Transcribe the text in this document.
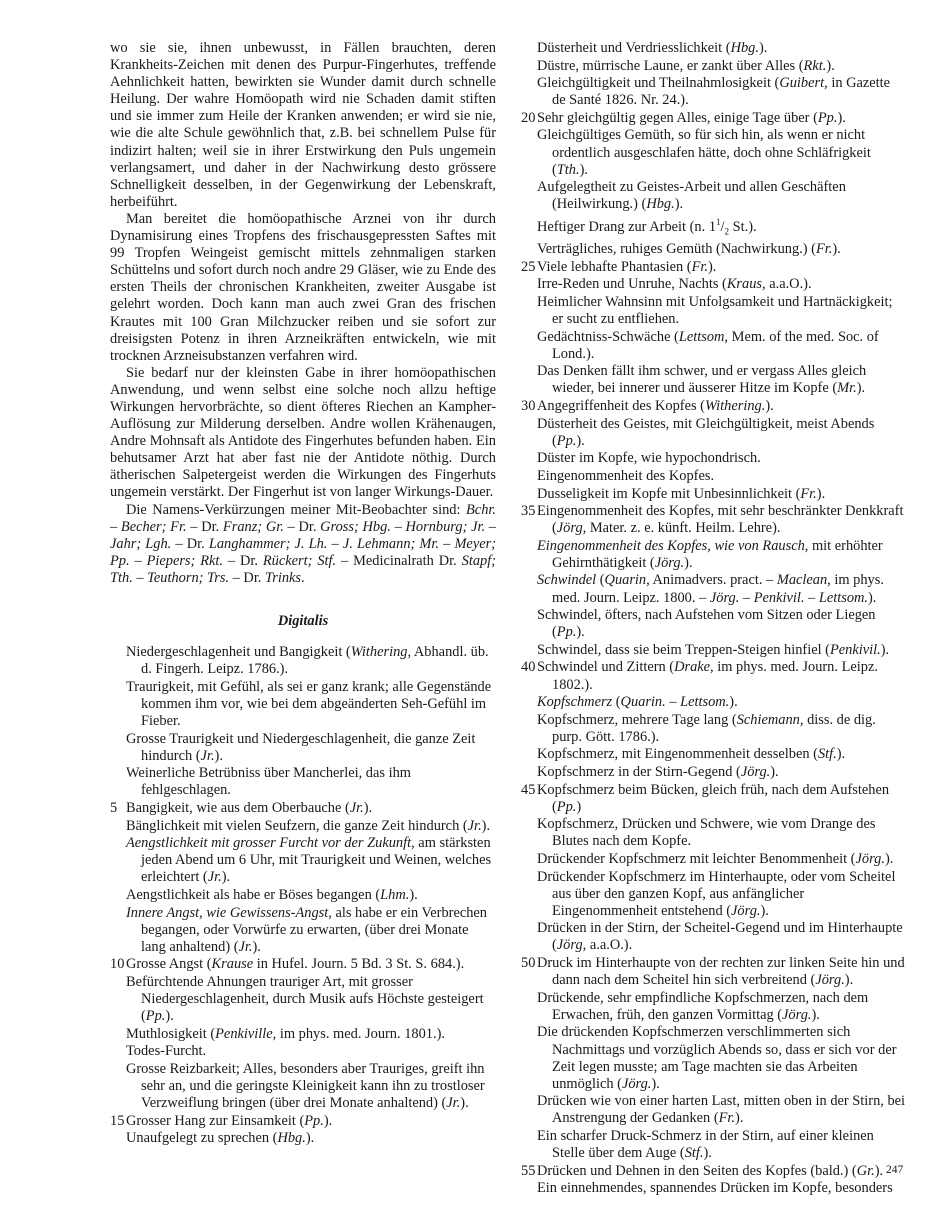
wo sie sie, ihnen unbewusst, in Fällen brauchten, deren Krankheits-Zeichen mit denen des Purpur-Fingerhutes, treffende Aehnlichkeit hatten, bewirkten sie Wunder damit durch schnelle Heilung. Der wahre Homöopath wird nie Schaden damit stiften und sie immer zum Heile der Kranken anwenden; er wird sie nie, wie die alte Schule gewöhnlich that, z.B. bei schnellem Pulse für indizirt halten; weil sie in ihrer Erstwirkung den Puls ungemein verlangsamert, und daher in der Nachwirkung desto grössere Schnelligkeit desselben, in der Gegenwirkung der Lebenskraft, herbeiführt.

Man bereitet die homöopathische Arznei von ihr durch Dynamisirung eines Tropfens des frischausgepressten Saftes mit 99 Tropfen Weingeist gemischt mittels zehnmaligen starken Schüttelns und sofort durch noch andre 29 Gläser, wie zu Ende des ersten Theils der chronischen Krankheiten, zweiter Ausgabe ist gelehrt worden. Doch kann man auch zwei Gran des frischen Krautes mit 100 Gran Milchzucker reiben und sie sofort zur dreisigsten Potenz in ihren Arzneikräften entwickeln, wie mit trocknen Arzneisubstanzen verfahren wird.

Sie bedarf nur der kleinsten Gabe in ihrer homöopathischen Anwendung, und wenn selbst eine solche noch allzu heftige Wirkungen hervorbrächte, so dient öfteres Riechen an Kampher-Auflösung zur Milderung derselben. Andre wollen Krähenaugen, Andre Mohnsaft als Antidote des Fingerhutes befunden haben. Ein behutsamer Arzt hat aber fast nie der Antidote nöthig. Durch ätherischen Salpetergeist werden die Wirkungen des Fingerhuts ungemein verstärkt. Der Fingerhut ist von langer Wirkungs-Dauer.

Die Namens-Verkürzungen meiner Mit-Beobachter sind: Bchr. – Becher; Fr. – Dr. Franz; Gr. – Dr. Gross; Hbg. – Hornburg; Jr. – Jahr; Lgh. – Dr. Langhammer; J. Lh. – J. Lehmann; Mr. – Meyer; Pp. – Piepers; Rkt. – Dr. Rückert; Stf. – Medicinalrath Dr. Stapf; Tth. – Teuthorn; Trs. – Dr. Trinks.

Digitalis
Niedergeschlagenheit und Bangigkeit (Withering, Abhandl. üb. d. Fingerh. Leipz. 1786.).
Traurigkeit, mit Gefühl, als sei er ganz krank; alle Gegenstände kommen ihm vor, wie bei dem abgeänderten Seh-Gefühl im Fieber.
Grosse Traurigkeit und Niedergeschlagenheit, die ganze Zeit hindurch (Jr.).
Weinerliche Betrübniss über Mancherlei, das ihm fehlgeschlagen.
5 Bangigkeit, wie aus dem Oberbauche (Jr.).
Bänglichkeit mit vielen Seufzern, die ganze Zeit hindurch (Jr.).
Aengstlichkeit mit grosser Furcht vor der Zukunft, am stärksten jeden Abend um 6 Uhr, mit Traurigkeit und Weinen, welches erleichtert (Jr.).
Aengstlichkeit als habe er Böses begangen (Lhm.).
Innere Angst, wie Gewissens-Angst, als habe er ein Verbrechen begangen, oder Vorwürfe zu erwarten, (über drei Monate lang anhaltend) (Jr.).
10 Grosse Angst (Krause in Hufel. Journ. 5 Bd. 3 St. S. 684.).
Befürchtende Ahnungen trauriger Art, mit grosser Niedergeschlagenheit, durch Musik aufs Höchste gesteigert (Pp.).
Muthlosigkeit (Penkiville, im phys. med. Journ. 1801.).
Todes-Furcht.
Grosse Reizbarkeit; Alles, besonders aber Trauriges, greift ihn sehr an, und die geringste Kleinigkeit kann ihn zu trostloser Verzweiflung bringen (über drei Monate anhaltend) (Jr.).
15 Grosser Hang zur Einsamkeit (Pp.).
Unaufgelegt zu sprechen (Hbg.).
Düsterheit und Verdriesslichkeit (Hbg.).
Düstre, mürrische Laune, er zankt über Alles (Rkt.).
Gleichgültigkeit und Theilnahmlosigkeit (Guibert, in Gazette de Santé 1826. Nr. 24.).
20 Sehr gleichgültig gegen Alles, einige Tage über (Pp.).
Gleichgültiges Gemüth, so für sich hin, als wenn er nicht ordentlich ausgeschlafen hätte, doch ohne Schläfrigkeit (Tth.).
Aufgelegtheit zu Geistes-Arbeit und allen Geschäften (Heilwirkung.) (Hbg.).
Heftiger Drang zur Arbeit (n. $1^1/_2$ St.).
Verträgliches, ruhiges Gemüth (Nachwirkung.) (Fr.).
25 Viele lebhafte Phantasien (Fr.).
Irre-Reden und Unruhe, Nachts (Kraus, a.a.O.).
Heimlicher Wahnsinn mit Unfolgsamkeit und Hartnäckigkeit; er sucht zu entfliehen.
Gedächtniss-Schwäche (Lettsom, Mem. of the med. Soc. of Lond.).
Das Denken fällt ihm schwer, und er vergass Alles gleich wieder, bei innerer und äusserer Hitze im Kopfe (Mr.).
30 Angegriffenheit des Kopfes (Withering.).
Düsterheit des Geistes, mit Gleichgültigkeit, meist Abends (Pp.).
Düster im Kopfe, wie hypochondrisch.
Eingenommenheit des Kopfes.
Dusseligkeit im Kopfe mit Unbesinnlichkeit (Fr.).
35 Eingenommenheit des Kopfes, mit sehr beschränkter Denkkraft (Jörg, Mater. z. e. künft. Heilm. Lehre).
Eingenommenheit des Kopfes, wie von Rausch, mit erhöhter Gehirnthätigkeit (Jörg.).
Schwindel (Quarin, Animadvers. pract. – Maclean, im phys. med. Journ. Leipz. 1800. – Jörg. – Penkivil. – Lettsom.).
Schwindel, öfters, nach Aufstehen vom Sitzen oder Liegen (Pp.).
Schwindel, dass sie beim Treppen-Steigen hinfiel (Penkivil.).
40 Schwindel und Zittern (Drake, im phys. med. Journ. Leipz. 1802.).
Kopfschmerz (Quarin. – Lettsom.).
Kopfschmerz, mehrere Tage lang (Schiemann, diss. de dig. purp. Gött. 1786.).
Kopfschmerz, mit Eingenommenheit desselben (Stf.).
Kopfschmerz in der Stirn-Gegend (Jörg.).
45 Kopfschmerz beim Bücken, gleich früh, nach dem Aufstehen (Pp.)
Kopfschmerz, Drücken und Schwere, wie vom Drange des Blutes nach dem Kopfe.
Drückender Kopfschmerz mit leichter Benommenheit (Jörg.).
Drückender Kopfschmerz im Hinterhaupte, oder vom Scheitel aus über den ganzen Kopf, aus anfänglicher Eingenommenheit entstehend (Jörg.).
Drücken in der Stirn, der Scheitel-Gegend und im Hinterhaupte (Jörg, a.a.O.).
50 Druck im Hinterhaupte von der rechten zur linken Seite hin und dann nach dem Scheitel hin sich verbreitend (Jörg.).
Drückende, sehr empfindliche Kopfschmerzen, nach dem Erwachen, früh, den ganzen Vormittag (Jörg.).
Die drückenden Kopfschmerzen verschlimmerten sich Nachmittags und vorzüglich Abends so, dass er sich vor der Zeit legen musste; am Tage machten sie das Arbeiten unmöglich (Jörg.).
Drücken wie von einer harten Last, mitten oben in der Stirn, bei Anstrengung der Gedanken (Fr.).
Ein scharfer Druck-Schmerz in der Stirn, auf einer kleinen Stelle über dem Auge (Stf.).
55 Drücken und Dehnen in den Seiten des Kopfes (bald.) (Gr.).
Ein einnehmendes, spannendes Drücken im Kopfe, besonders
247
